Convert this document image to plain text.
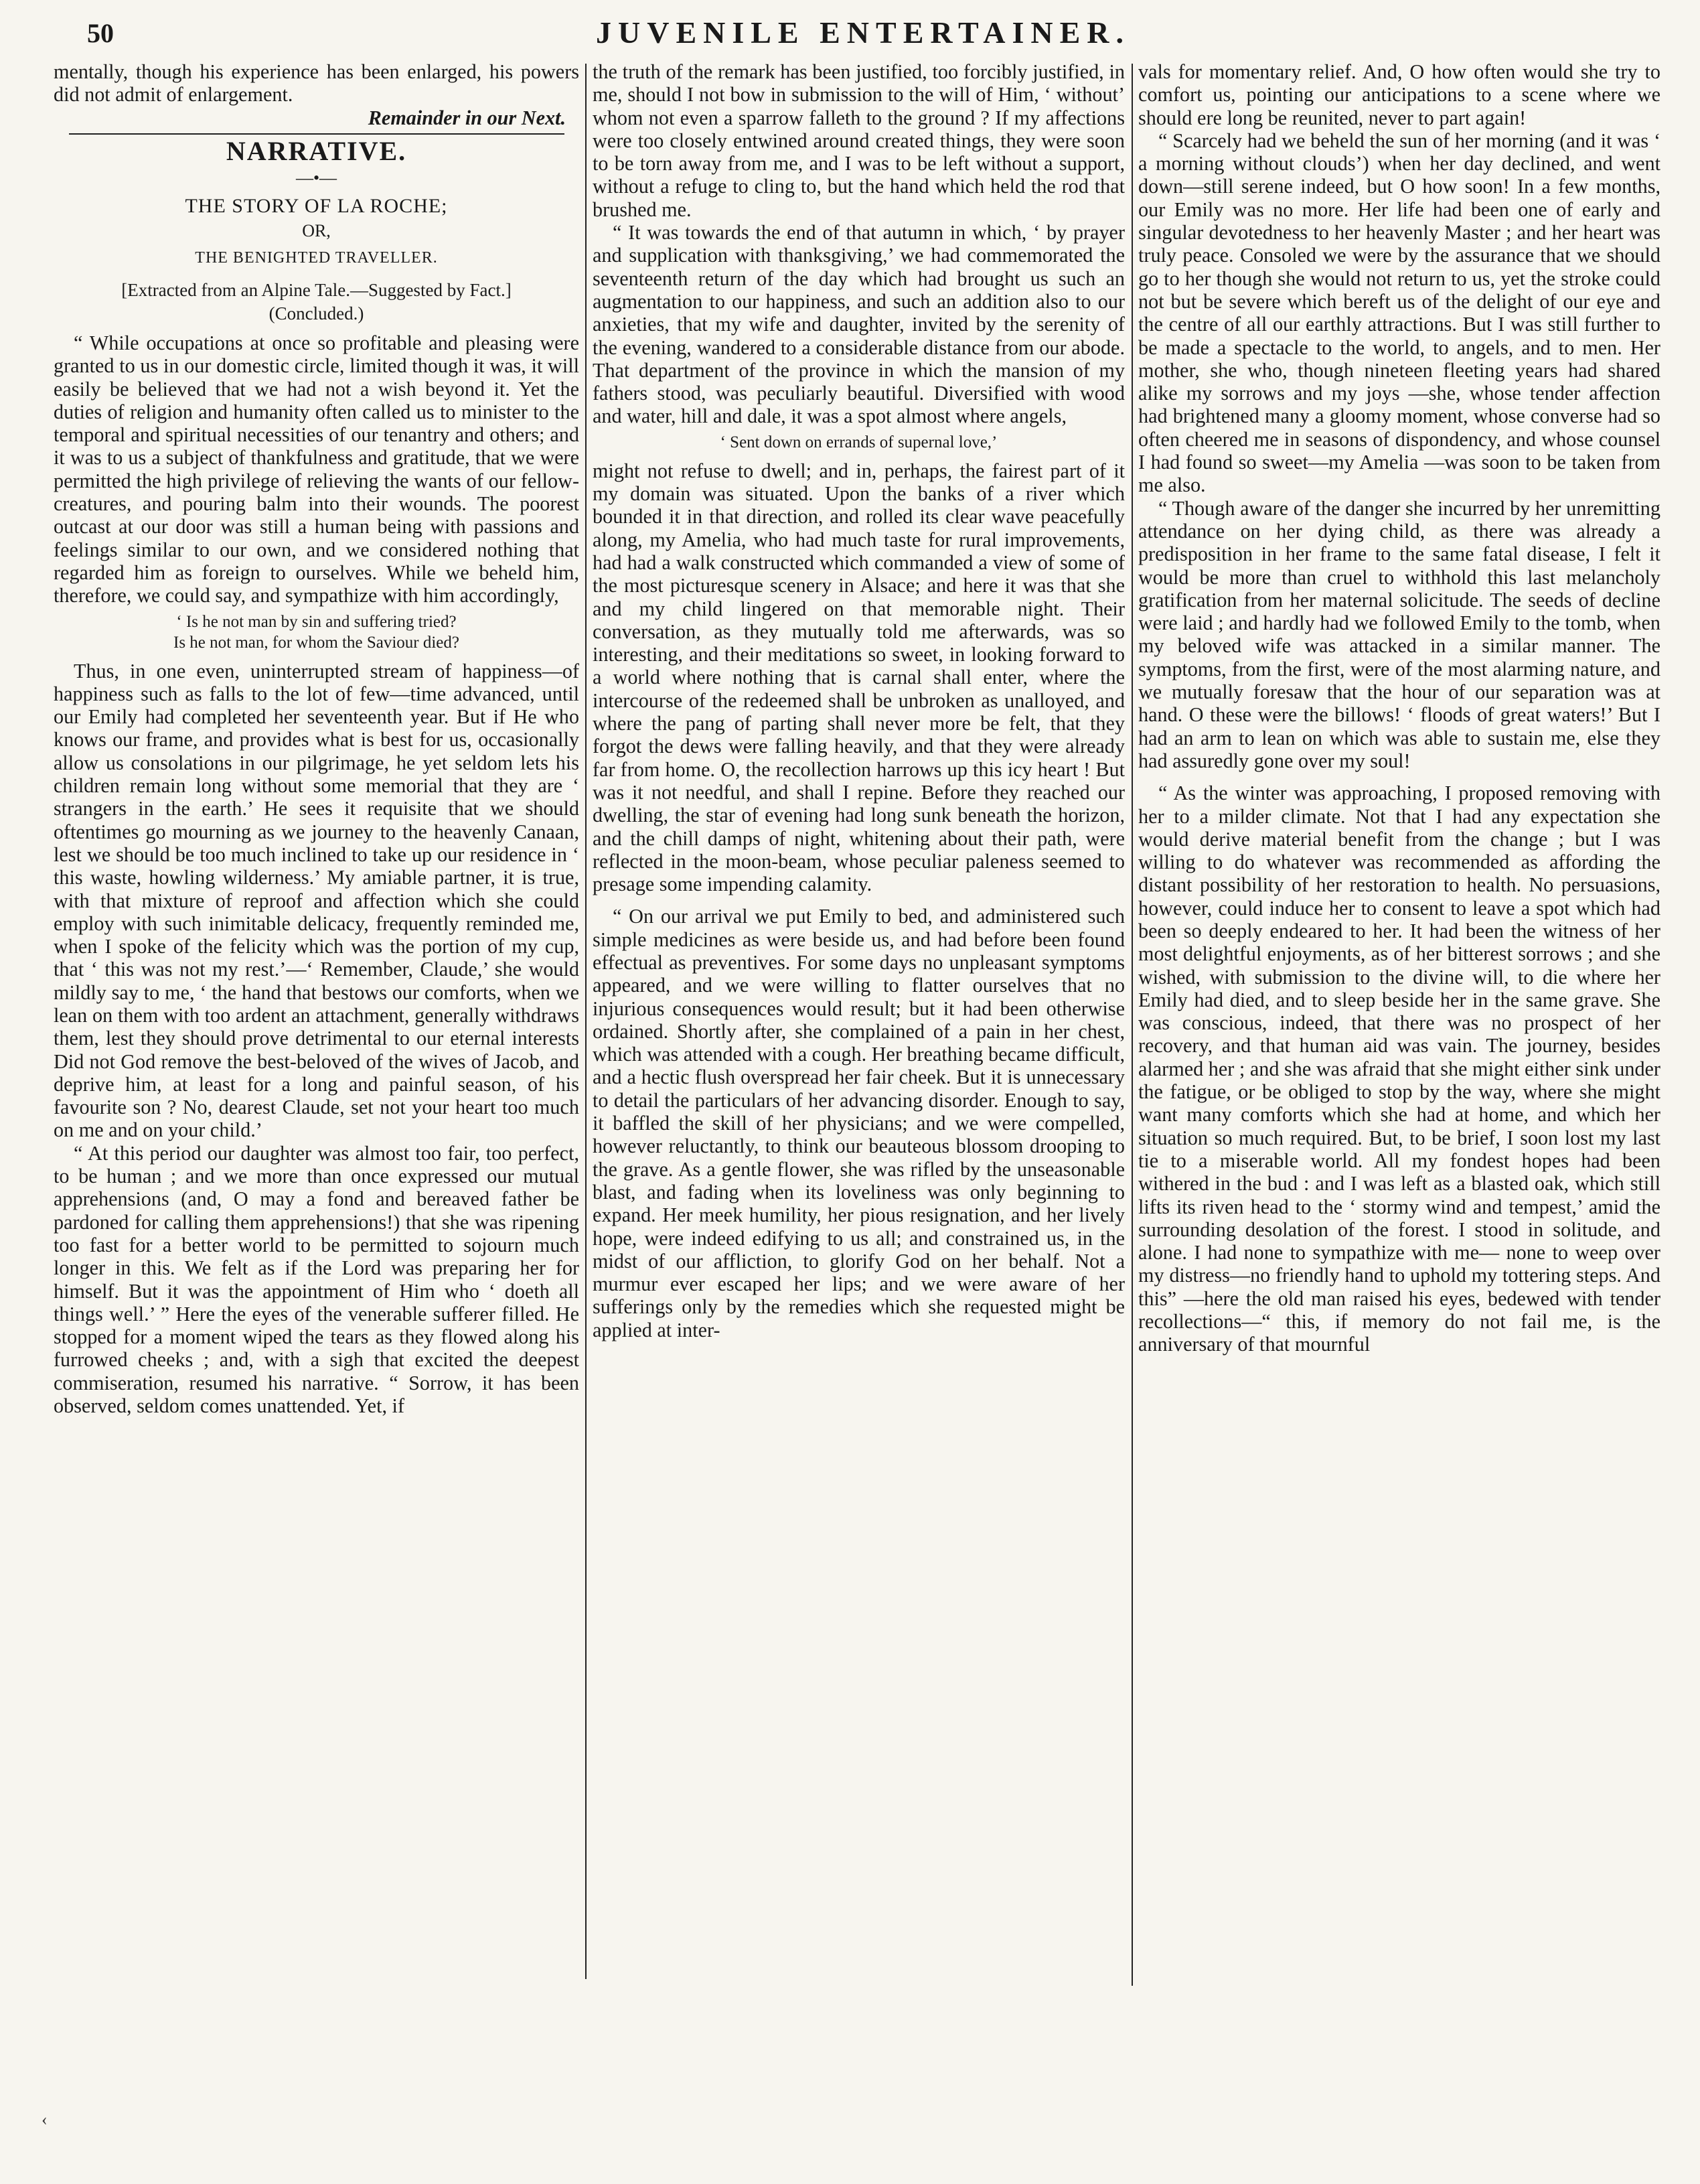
50	JUVENILE ENTERTAINER.

mentally, though his experience has been enlarged, his powers did not admit of enlargement.

Remainder in our Next.

NARRATIVE.
—•—
THE STORY OF LA ROCHE;
OR,
THE BENIGHTED TRAVELLER.
[Extracted from an Alpine Tale.—Suggested by Fact.]
(Concluded.)

“ While occupations at once so profitable and pleasing were granted to us in our domestic circle, limited though it was, it will easily be believed that we had not a wish beyond it. Yet the duties of religion and humanity often called us to minister to the temporal and spiritual necessities of our tenantry and others; and it was to us a subject of thankfulness and gratitude, that we were permitted the high privilege of relieving the wants of our fellow-creatures, and pouring balm into their wounds. The poorest outcast at our door was still a human being with passions and feelings similar to our own, and we considered nothing that regarded him as foreign to ourselves. While we beheld him, therefore, we could say, and sympathize with him accordingly,

‘ Is he not man by sin and suffering tried?
Is he not man, for whom the Saviour died?

Thus, in one even, uninterrupted stream of happiness—of happiness such as falls to the lot of few—time advanced, until our Emily had completed her seventeenth year. But if He who knows our frame, and provides what is best for us, occasionally allow us consolations in our pilgrimage, he yet seldom lets his children remain long without some memorial that they are ‘ strangers in the earth.’ He sees it requisite that we should oftentimes go mourning as we journey to the heavenly Canaan, lest we should be too much inclined to take up our residence in ‘ this waste, howling wilderness.’ My amiable partner, it is true, with that mixture of reproof and affection which she could employ with such inimitable delicacy, frequently reminded me, when I spoke of the felicity which was the portion of my cup, that ‘ this was not my rest.’—‘ Remember, Claude,’ she would mildly say to me, ‘ the hand that bestows our comforts, when we lean on them with too ardent an attachment, generally withdraws them, lest they should prove detrimental to our eternal interests Did not God remove the best-beloved of the wives of Jacob, and deprive him, at least for a long and painful season, of his favourite son ? No, dearest Claude, set not your heart too much on me and on your child.’

“ At this period our daughter was almost too fair, too perfect, to be human ; and we more than once expressed our mutual apprehensions (and, O may a fond and bereaved father be pardoned for calling them apprehensions!) that she was ripening too fast for a better world to be permitted to sojourn much longer in this. We felt as if the Lord was preparing her for himself. But it was the appointment of Him who ‘ doeth all things well.’ ” Here the eyes of the venerable sufferer filled. He stopped for a moment wiped the tears as they flowed along his furrowed cheeks ; and, with a sigh that excited the deepest commiseration, resumed his narrative. “ Sorrow, it has been observed, seldom comes unattended. Yet, if

the truth of the remark has been justified, too forcibly justified, in me, should I not bow in submission to the will of Him, ‘ without’ whom not even a sparrow falleth to the ground ? If my affections were too closely entwined around created things, they were soon to be torn away from me, and I was to be left without a support, without a refuge to cling to, but the hand which held the rod that brushed me.

“ It was towards the end of that autumn in which, ‘ by prayer and supplication with thanksgiving,’ we had commemorated the seventeenth return of the day which had brought us such an augmentation to our happiness, and such an addition also to our anxieties, that my wife and daughter, invited by the serenity of the evening, wandered to a considerable distance from our abode. That department of the province in which the mansion of my fathers stood, was peculiarly beautiful. Diversified with wood and water, hill and dale, it was a spot almost where angels,

‘ Sent down on errands of supernal love,’

might not refuse to dwell; and in, perhaps, the fairest part of it my domain was situated. Upon the banks of a river which bounded it in that direction, and rolled its clear wave peacefully along, my Amelia, who had much taste for rural improvements, had had a walk constructed which commanded a view of some of the most picturesque scenery in Alsace; and here it was that she and my child lingered on that memorable night. Their conversation, as they mutually told me afterwards, was so interesting, and their meditations so sweet, in looking forward to a world where nothing that is carnal shall enter, where the intercourse of the redeemed shall be unbroken as unalloyed, and where the pang of parting shall never more be felt, that they forgot the dews were falling heavily, and that they were already far from home. O, the recollection harrows up this icy heart ! But was it not needful, and shall I repine. Before they reached our dwelling, the star of evening had long sunk beneath the horizon, and the chill damps of night, whitening about their path, were reflected in the moon-beam, whose peculiar paleness seemed to presage some impending calamity.

“ On our arrival we put Emily to bed, and administered such simple medicines as were beside us, and had before been found effectual as preventives. For some days no unpleasant symptoms appeared, and we were willing to flatter ourselves that no injurious consequences would result; but it had been otherwise ordained. Shortly after, she complained of a pain in her chest, which was attended with a cough. Her breathing became difficult, and a hectic flush overspread her fair cheek. But it is unnecessary to detail the particulars of her advancing disorder. Enough to say, it baffled the skill of her physicians; and we were compelled, however reluctantly, to think our beauteous blossom drooping to the grave. As a gentle flower, she was rifled by the unseasonable blast, and fading when its loveliness was only beginning to expand. Her meek humility, her pious resignation, and her lively hope, were indeed edifying to us all; and constrained us, in the midst of our affliction, to glorify God on her behalf. Not a murmur ever escaped her lips; and we were aware of her sufferings only by the remedies which she requested might be applied at inter-

vals for momentary relief. And, O how often would she try to comfort us, pointing our anticipations to a scene where we should ere long be reunited, never to part again!

“ Scarcely had we beheld the sun of her morning (and it was ‘ a morning without clouds’) when her day declined, and went down—still serene indeed, but O how soon! In a few months, our Emily was no more. Her life had been one of early and singular devotedness to her heavenly Master ; and her heart was truly peace. Consoled we were by the assurance that we should go to her though she would not return to us, yet the stroke could not but be severe which bereft us of the delight of our eye and the centre of all our earthly attractions. But I was still further to be made a spectacle to the world, to angels, and to men. Her mother, she who, though nineteen fleeting years had shared alike my sorrows and my joys —she, whose tender affection had brightened many a gloomy moment, whose converse had so often cheered me in seasons of dispondency, and whose counsel I had found so sweet—my Amelia —was soon to be taken from me also.

“ Though aware of the danger she incurred by her unremitting attendance on her dying child, as there was already a predisposition in her frame to the same fatal disease, I felt it would be more than cruel to withhold this last melancholy gratification from her maternal solicitude. The seeds of decline were laid ; and hardly had we followed Emily to the tomb, when my beloved wife was attacked in a similar manner. The symptoms, from the first, were of the most alarming nature, and we mutually foresaw that the hour of our separation was at hand. O these were the billows! ‘ floods of great waters!’ But I had an arm to lean on which was able to sustain me, else they had assuredly gone over my soul!

“ As the winter was approaching, I proposed removing with her to a milder climate. Not that I had any expectation she would derive material benefit from the change ; but I was willing to do whatever was recommended as affording the distant possibility of her restoration to health. No persuasions, however, could induce her to consent to leave a spot which had been so deeply endeared to her. It had been the witness of her most delightful enjoyments, as of her bitterest sorrows ; and she wished, with submission to the divine will, to die where her Emily had died, and to sleep beside her in the same grave. She was conscious, indeed, that there was no prospect of her recovery, and that human aid was vain. The journey, besides alarmed her ; and she was afraid that she might either sink under the fatigue, or be obliged to stop by the way, where she might want many comforts which she had at home, and which her situation so much required. But, to be brief, I soon lost my last tie to a miserable world. All my fondest hopes had been withered in the bud : and I was left as a blasted oak, which still lifts its riven head to the ‘ stormy wind and tempest,’ amid the surrounding desolation of the forest. I stood in solitude, and alone. I had none to sympathize with me— none to weep over my distress—no friendly hand to uphold my tottering steps. And this” —here the old man raised his eyes, bedewed with tender recollections—“ this, if memory do not fail me, is the anniversary of that mournful

‹
